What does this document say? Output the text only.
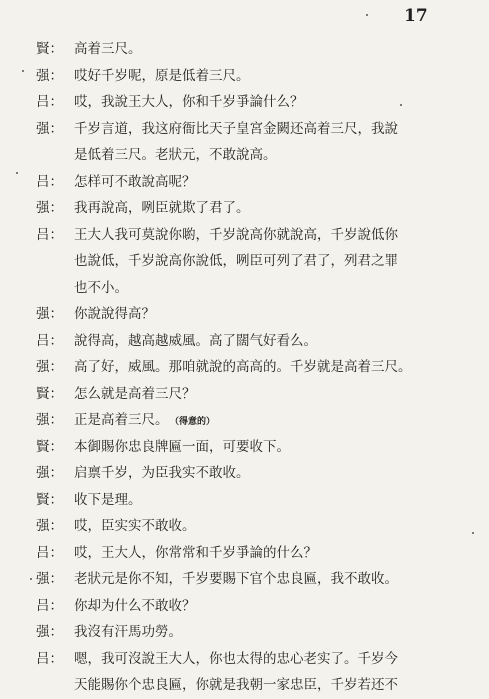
17
賢： 高着三尺。
强： 哎好千岁呢，原是低着三尺。
吕： 哎，我說王大人，你和千岁爭論什么？
强： 千岁言道，我这府衙比天子皇宮金闕还高着三尺，我說
是低着三尺。老狀元，不敢說高。
吕： 怎样可不敢說高呢？
强： 我再說高，咧臣就欺了君了。
吕： 王大人我可莫說你喲，千岁說高你就說高，千岁說低你
也說低，千岁說高你說低，咧臣可列了君了，列君之罪
也不小。
强： 你說說得高？
吕： 說得高，越高越威風。高了闊气好看么。
强： 高了好，威風。那咱就說的高高的。千岁就是高着三尺。
賢： 怎么就是高着三尺？
强： 正是高着三尺。 （得意的）
賢： 本御賜你忠良牌匾一面，可要收下。
强： 启禀千岁，为臣我实不敢收。
賢： 收下是理。
强： 哎，臣实实不敢收。
吕： 哎，王大人，你常常和千岁爭論的什么？
强： 老狀元是你不知，千岁要賜下官个忠良匾，我不敢收。
吕： 你却为什么不敢收？
强： 我沒有汗馬功勞。
吕： 嗯，我可沒說王大人，你也太得的忠心老实了。千岁今
天能賜你个忠良匾，你就是我朝一家忠臣，千岁若还不
